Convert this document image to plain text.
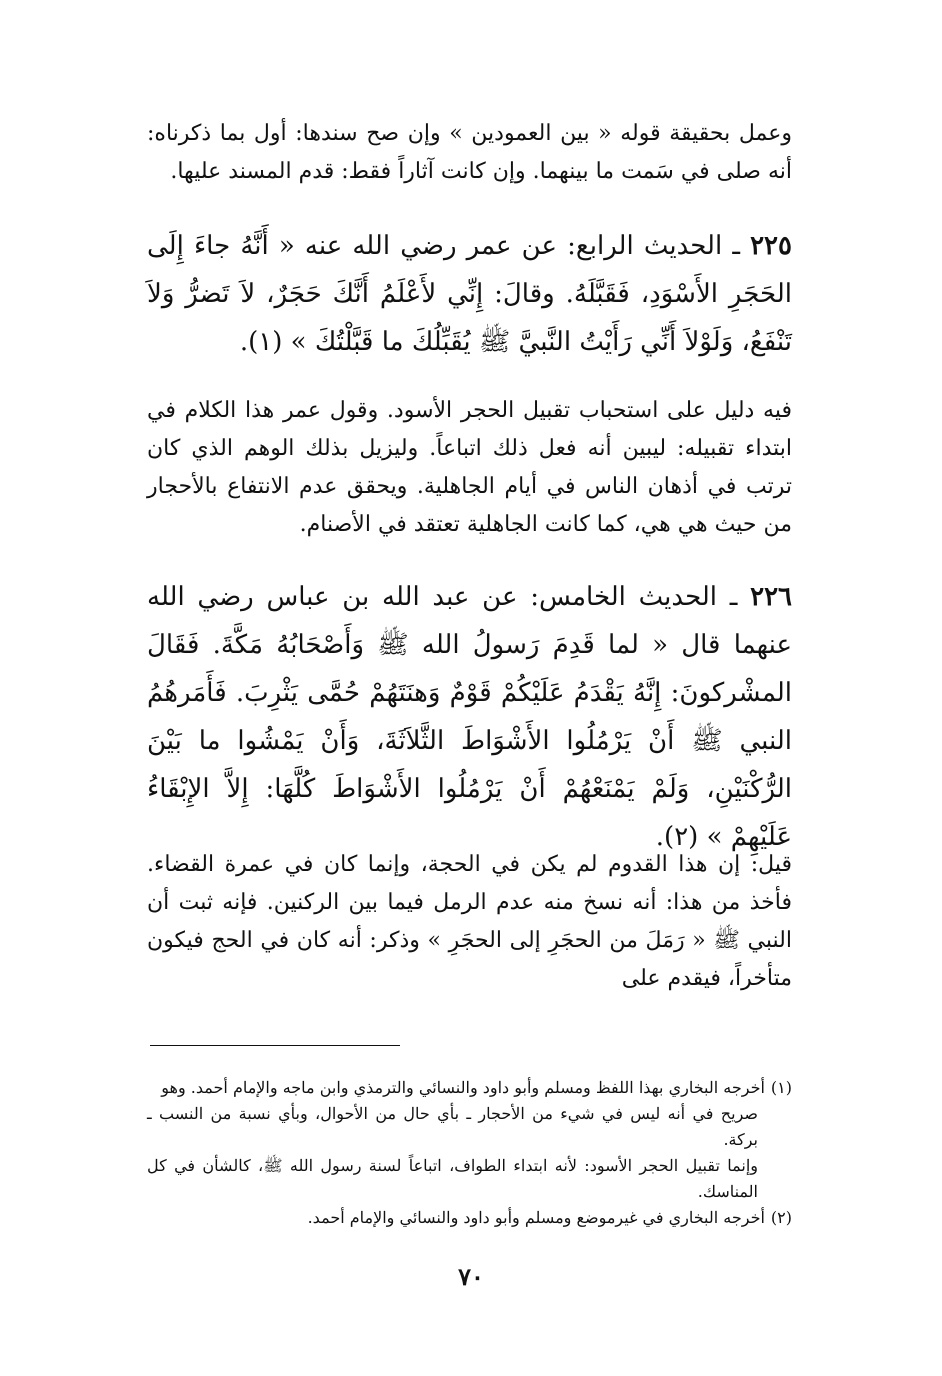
وعمل بحقيقة قوله « بين العمودين » وإن صح سندها: أول بما ذكرناه: أنه صلى في سَمت ما بينهما. وإن كانت آثاراً فقط: قدم المسند عليها.

٢٢٥ ـ الحديث الرابع: عن عمر رضي الله عنه « أَنَّهُ جاءَ إِلَى الحَجَرِ الأَسْوَدِ، فَقَبَّلَهُ. وقالَ: إِنِّي لأَعْلَمُ أَنَّكَ حَجَرٌ، لاَ تَضرُّ وَلاَ تَنْفَعُ، وَلَوْلاَ أَنِّي رَأَيْتُ النَّبيَّ ﷺ يُقَبِّلُكَ ما قَبَّلْتُكَ » (١).

فيه دليل على استحباب تقبيل الحجر الأسود. وقول عمر هذا الكلام في ابتداء تقبيله: ليبين أنه فعل ذلك اتباعاً. وليزيل بذلك الوهم الذي كان ترتب في أذهان الناس في أيام الجاهلية. ويحقق عدم الانتفاع بالأحجار من حيث هي هي، كما كانت الجاهلية تعتقد في الأصنام.

٢٢٦ ـ الحديث الخامس: عن عبد الله بن عباس رضي الله عنهما قال « لما قَدِمَ رَسولُ الله ﷺ وَأَصْحَابُهُ مَكَّةَ. فَقَالَ المشْركونَ: إِنَّهُ يَقْدَمُ عَلَيْكُمْ قَوْمٌ وَهنَتَهُمْ حُمَّى يَثْرِبَ. فَأَمَرهُمُ النبي ﷺ أَنْ يَرْمُلُوا الأَشْوَاطَ الثَّلاَثَةَ، وَأَنْ يَمْشُوا ما بَيْنَ الرُّكْنَيْنِ، وَلَمْ يَمْنَعْهُمْ أَنْ يَرْمُلُوا الأَشْوَاطَ كُلَّهَا: إِلاَّ الإِبْقَاءُ عَلَيْهِمْ » (٢).

قيل: إن هذا القدوم لم يكن في الحجة، وإنما كان في عمرة القضاء. فأخذ من هذا: أنه نسخ منه عدم الرمل فيما بين الركنين. فإنه ثبت أن النبي ﷺ « رَمَلَ من الحجَرِ إلى الحجَرِ » وذكر: أنه كان في الحج فيكون متأخراً، فيقدم على

(١)أخرجه البخاري بهذا اللفظ ومسلم وأبو داود والنسائي والترمذي وابن ماجه والإمام أحمد. وهو
صريح في أنه ليس في شيء من الأحجار ـ بأي حال من الأحوال، وبأي نسبة من النسب ـ بركة.
وإنما تقبيل الحجر الأسود: لأنه ابتداء الطواف، اتباعاً لسنة رسول الله ﷺ، كالشأن في كل المناسك.
(٢)أخرجه البخاري في غيرموضع ومسلم وأبو داود والنسائي والإمام أحمد.
٧٠
